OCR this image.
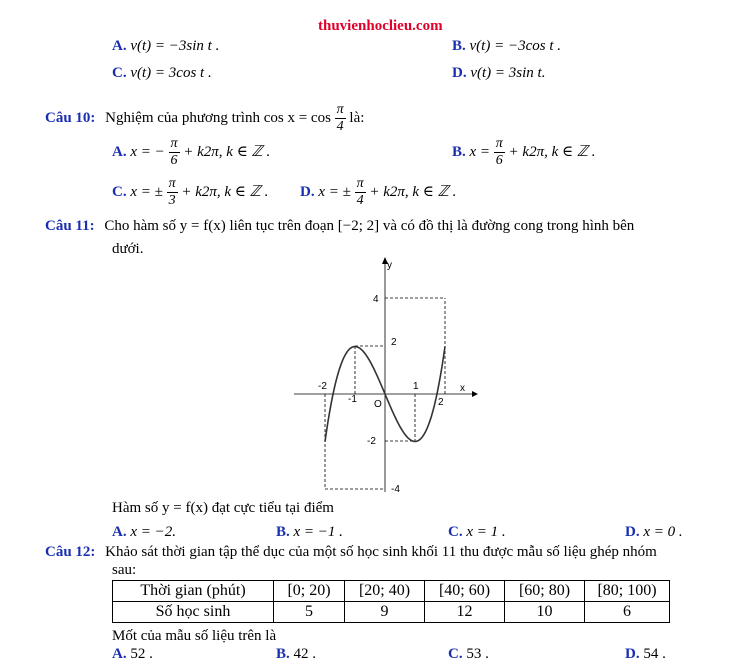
thuvienhoclieu.com
A. v(t) = −3sin t .	B. v(t) = −3cos t .
C. v(t) = 3cos t .	D. v(t) = 3sin t.
Câu 10: Nghiệm của phương trình $\cos x = \cos \frac{\pi}{4}$ là:
A. x = − $\frac{\pi}{6} + k2\pi$, k ∈ ℤ .	B. $x = \frac{\pi}{6} + k2\pi$, k ∈ ℤ .
C. x = ± $\frac{\pi}{3} + k2\pi$, k ∈ ℤ . D. x = ± $\frac{\pi}{4} + k2\pi$, k ∈ ℤ .
Câu 11: Cho hàm số y = f(x) liên tục trên đoạn [−2; 2] và có đồ thị là đường cong trong hình bên
dưới.
y
x
O
-2
-1
1
2
4
2
-2
-4
Hàm số y = f(x) đạt cực tiểu tại điểm
A. x = −2.	B. x = −1 .	C. x = 1 .	D. x = 0 .
Câu 12: Khảo sát thời gian tập thể dục của một số học sinh khối 11 thu được mẫu số liệu ghép nhóm
sau:
Thời gian (phút)	[0; 20)	[20; 40)	[40; 60)	[60; 80)	[80; 100)
Số học sinh	5	9	12	10	6
Mốt của mẫu số liệu trên là
A. 52 .	B. 42 .	C. 53 .	D. 54 .
